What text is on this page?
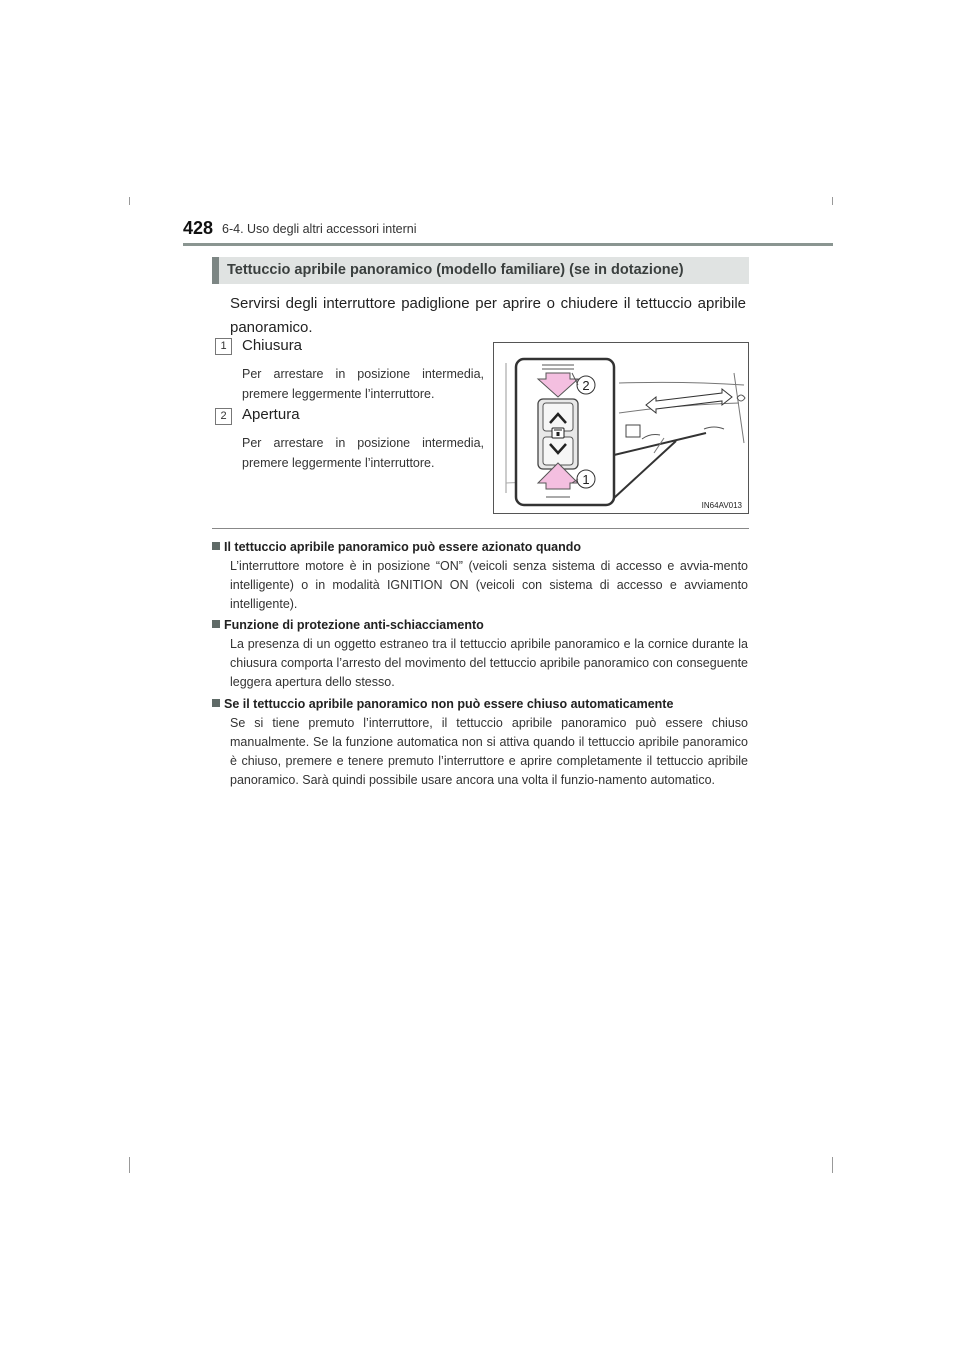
428 6-4. Uso degli altri accessori interni
Tettuccio apribile panoramico (modello familiare) (se in dotazione)
Servirsi degli interruttore padiglione per aprire o chiudere il tettuccio apribile panoramico.
1	Chiusura
Per arrestare in posizione intermedia, premere leggermente l’interruttore.
2	Apertura
Per arrestare in posizione intermedia, premere leggermente l’interruttore.
2
1
IN64AV013
Il tettuccio apribile panoramico può essere azionato quando
L’interruttore motore è in posizione “ON” (veicoli senza sistema di accesso e avvia-mento intelligente) o in modalità IGNITION ON (veicoli con sistema di accesso e avviamento intelligente).
Funzione di protezione anti-schiacciamento
La presenza di un oggetto estraneo tra il tettuccio apribile panoramico e la cornice durante la chiusura comporta l’arresto del movimento del tettuccio apribile panoramico con conseguente leggera apertura dello stesso.
Se il tettuccio apribile panoramico non può essere chiuso automaticamente
Se si tiene premuto l’interruttore, il tettuccio apribile panoramico può essere chiuso manualmente. Se la funzione automatica non si attiva quando il tettuccio apribile panoramico è chiuso, premere e tenere premuto l’interruttore e aprire completamente il tettuccio apribile panoramico. Sarà quindi possibile usare ancora una volta il funzio-namento automatico.
